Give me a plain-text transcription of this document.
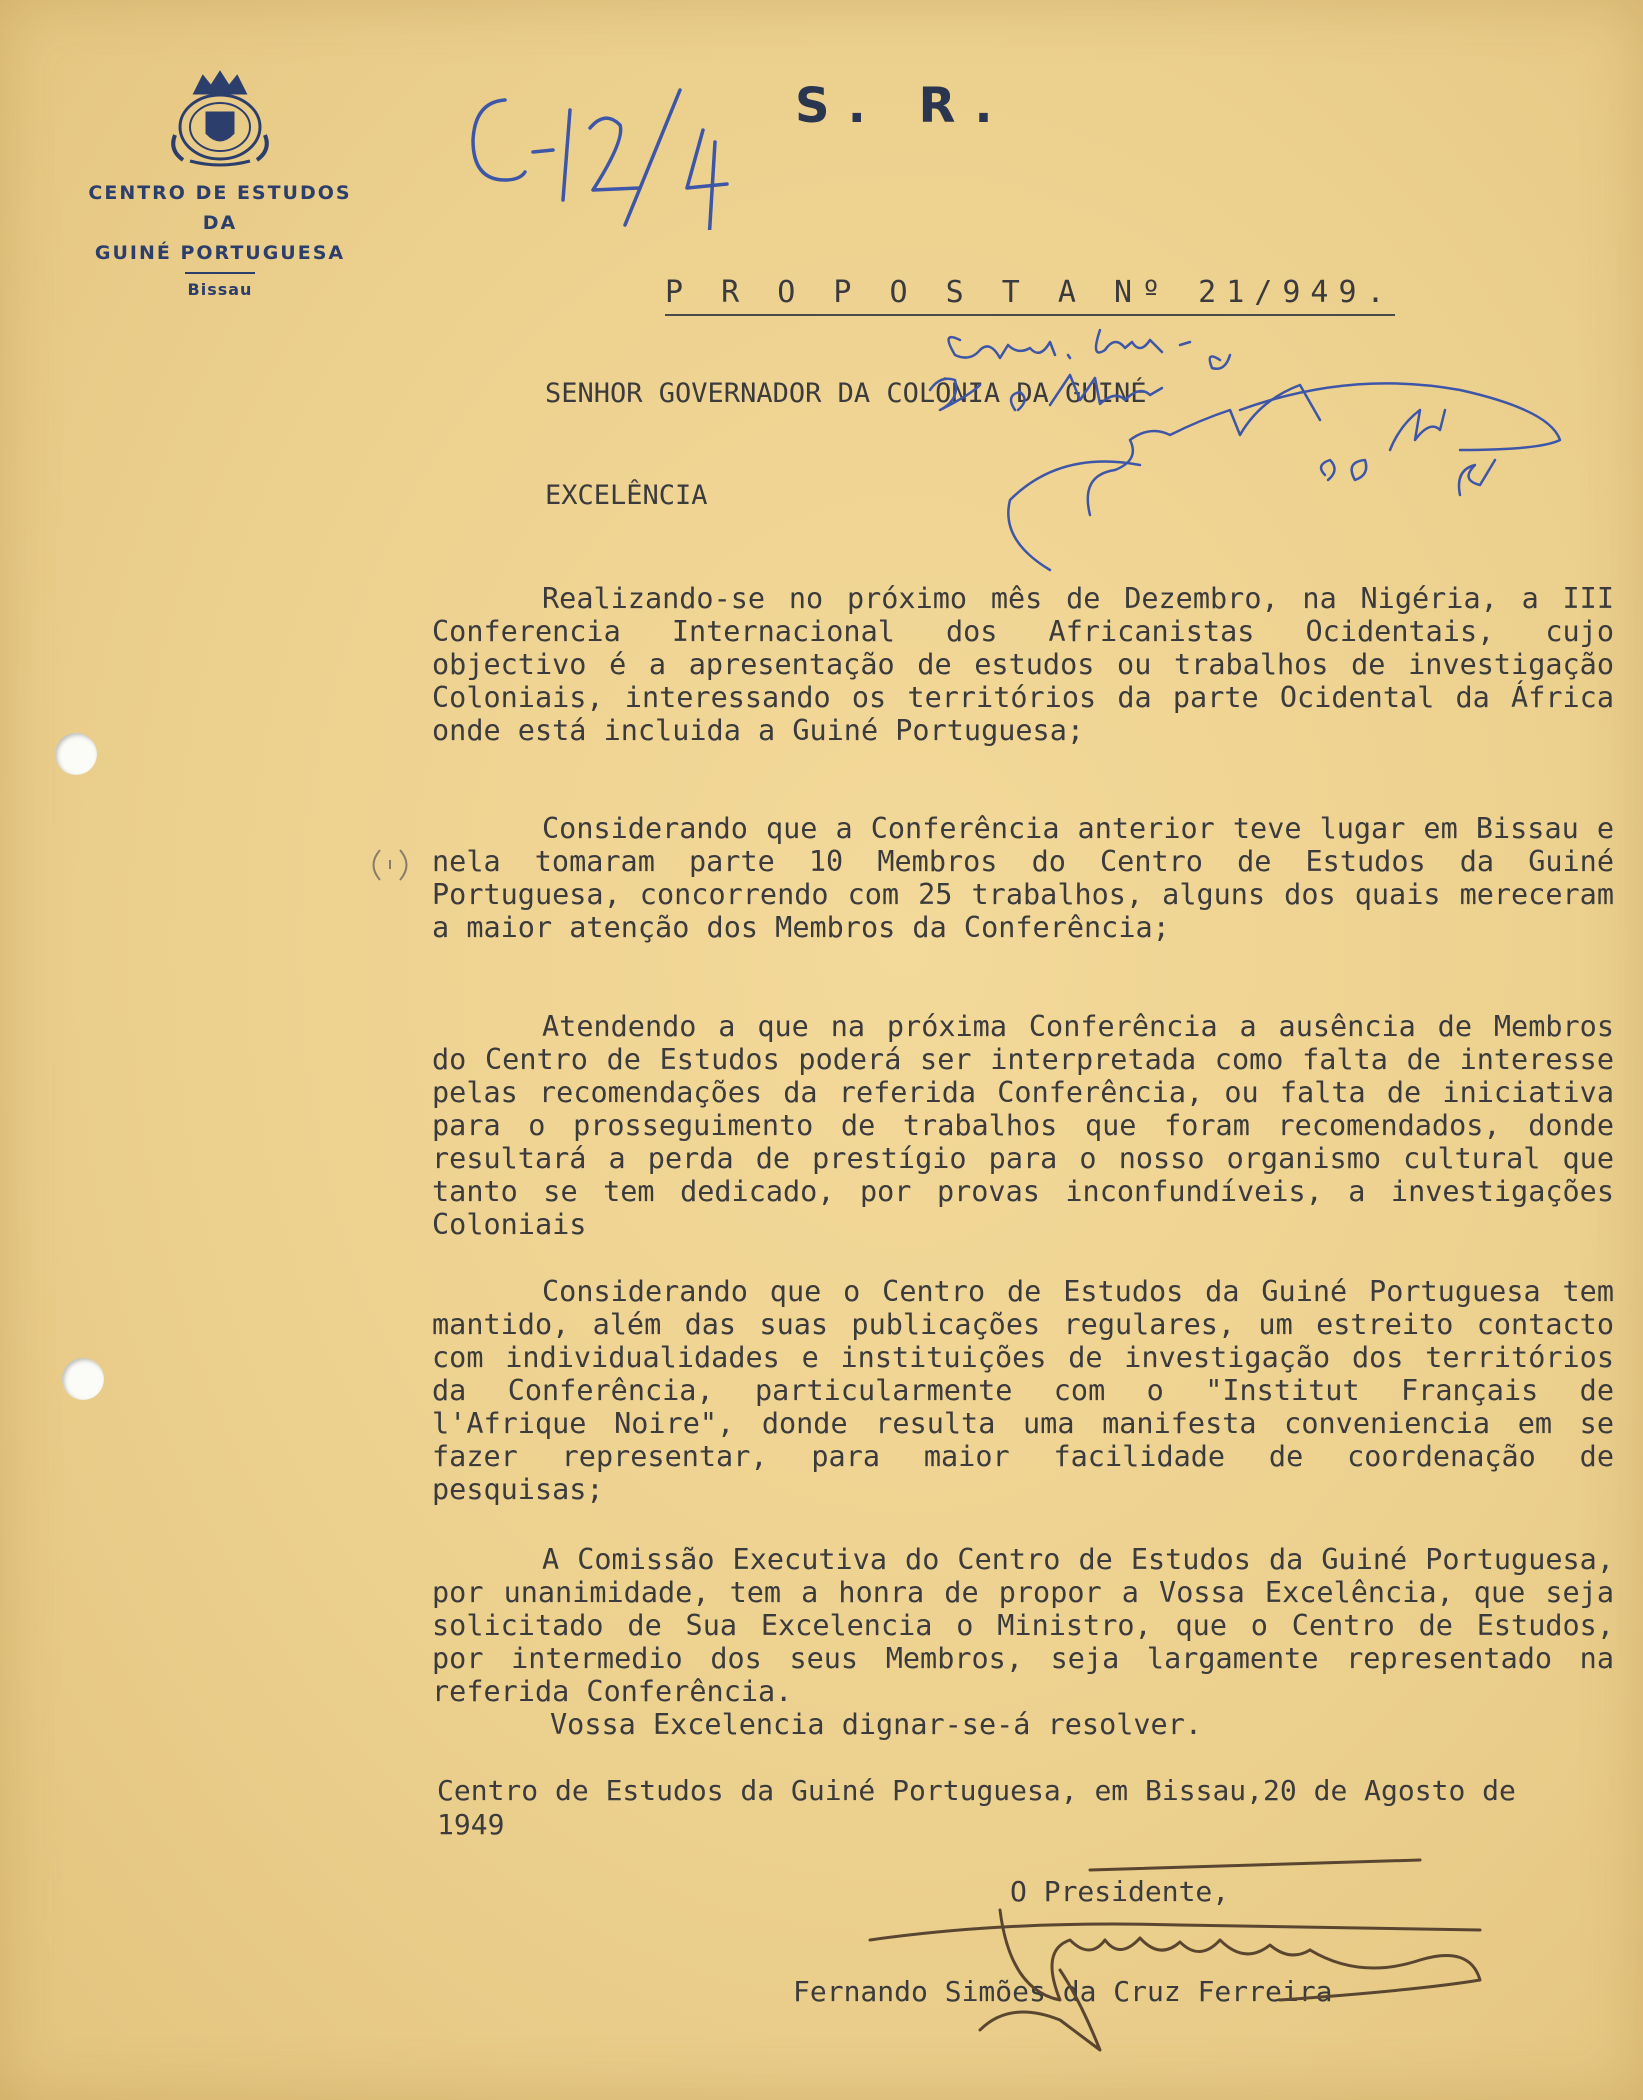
CENTRO DE ESTUDOS
DA
GUINÉ PORTUGUESA
Bissau
C-12/4	S. R.
P R O P O S T A Nº 21/949.
SENHOR GOVERNADOR DA COLÓNIA DA GUINÉ
EXCELÊNCIA

Realizando-se no próximo mês de Dezembro, na Nigéria, a III Conferencia Internacional dos Africanistas Ocidentais, cujo objectivo é a apresentação de estudos ou trabalhos de investigação Coloniais, interessando os territórios da parte Ocidental da África onde está incluida a Guiné Portuguesa;

Considerando que a Conferência anterior teve lugar em Bissau e nela tomaram parte 10 Membros do Centro de Estudos da Guiné Portuguesa, concorrendo com 25 trabalhos, alguns dos quais mereceram a maior atenção dos Membros da Conferência;

Atendendo a que na próxima Conferência a ausência de Membros do Centro de Estudos poderá ser interpretada como falta de interesse pelas recomendações da referida Conferência, ou falta de iniciativa para o prosseguimento de trabalhos que foram recomendados, donde resultará a perda de prestígio para o nosso organismo cultural que tanto se tem dedicado, por provas inconfundíveis, a investigações Coloniais

Considerando que o Centro de Estudos da Guiné Portuguesa tem mantido, além das suas publicações regulares, um estreito contacto com individualidades e instituições de investigação dos territórios da Conferência, particularmente com o "Institut Français de l'Afrique Noire", donde resulta uma manifesta conveniencia em se fazer representar, para maior facilidade de coordenação de pesquisas;

A Comissão Executiva do Centro de Estudos da Guiné Portuguesa, por unanimidade, tem a honra de propor a Vossa Excelência, que seja solicitado de Sua Excelencia o Ministro, que o Centro de Estudos, por intermedio dos seus Membros, seja largamente representado na referida Conferência.

Vossa Excelencia dignar-se-á resolver.

Centro de Estudos da Guiné Portuguesa, em Bissau,20 de Agosto de 1949

O Presidente,
Fernando Simões da Cruz Ferreira
